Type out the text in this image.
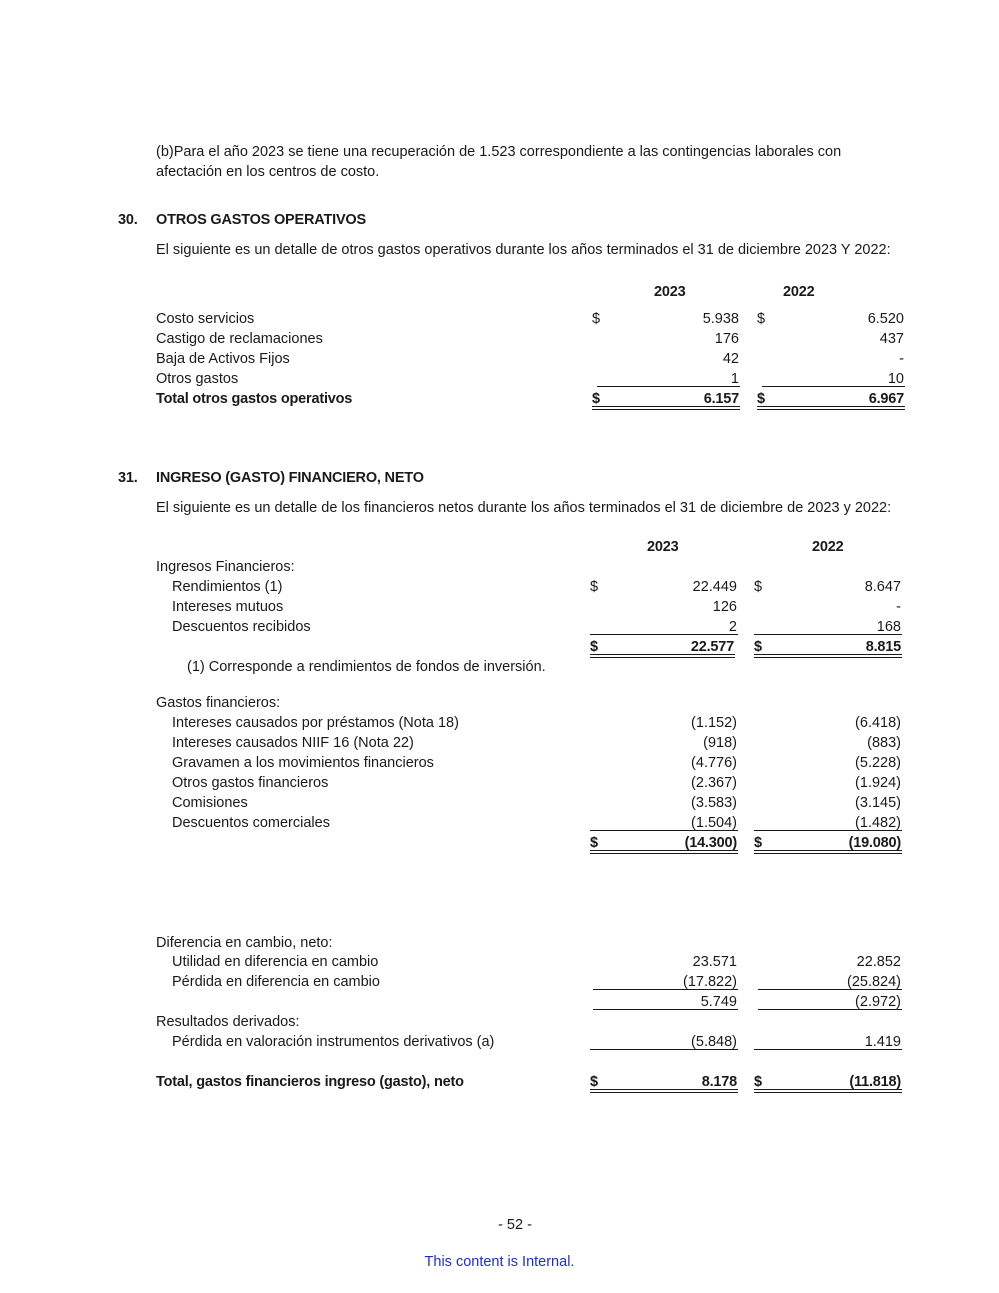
(b)Para el año 2023 se tiene una recuperación de 1.523 correspondiente a las contingencias laborales con
afectación en los centros de costo.
30. OTROS GASTOS OPERATIVOS
El siguiente es un detalle de otros gastos operativos durante los años terminados el 31 de diciembre 2023 Y 2022:
2023	2022
Costo servicios	$	5.938 $	6.520
Castigo de reclamaciones	176	437
Baja de Activos Fijos	42	-
Otros gastos	1	10
Total otros gastos operativos	$	6.157 $	6.967
31. INGRESO (GASTO) FINANCIERO, NETO
El siguiente es un detalle de los financieros netos durante los años terminados el 31 de diciembre de 2023 y 2022:
2023	2022
Ingresos Financieros:
Rendimientos (1)	$	22.449 $	8.647
Intereses mutuos	126	-
Descuentos recibidos	2	168
$	22.577 $	8.815
(1) Corresponde a rendimientos de fondos de inversión.
Gastos financieros:
Intereses causados por préstamos (Nota 18)	(1.152)	(6.418)
Intereses causados NIIF 16 (Nota 22)	(918)	(883)
Gravamen a los movimientos financieros	(4.776)	(5.228)
Otros gastos financieros	(2.367)	(1.924)
Comisiones	(3.583)	(3.145)
Descuentos comerciales	(1.504)	(1.482)
$	(14.300) $	(19.080)
Diferencia en cambio, neto:
Utilidad en diferencia en cambio	23.571	22.852
Pérdida en diferencia en cambio	(17.822)	(25.824)
5.749	(2.972)
Resultados derivados:
Pérdida en valoración instrumentos derivativos (a)	(5.848)	1.419
Total, gastos financieros ingreso (gasto), neto	$	8.178 $	(11.818)
- 52 -
This content is Internal.
